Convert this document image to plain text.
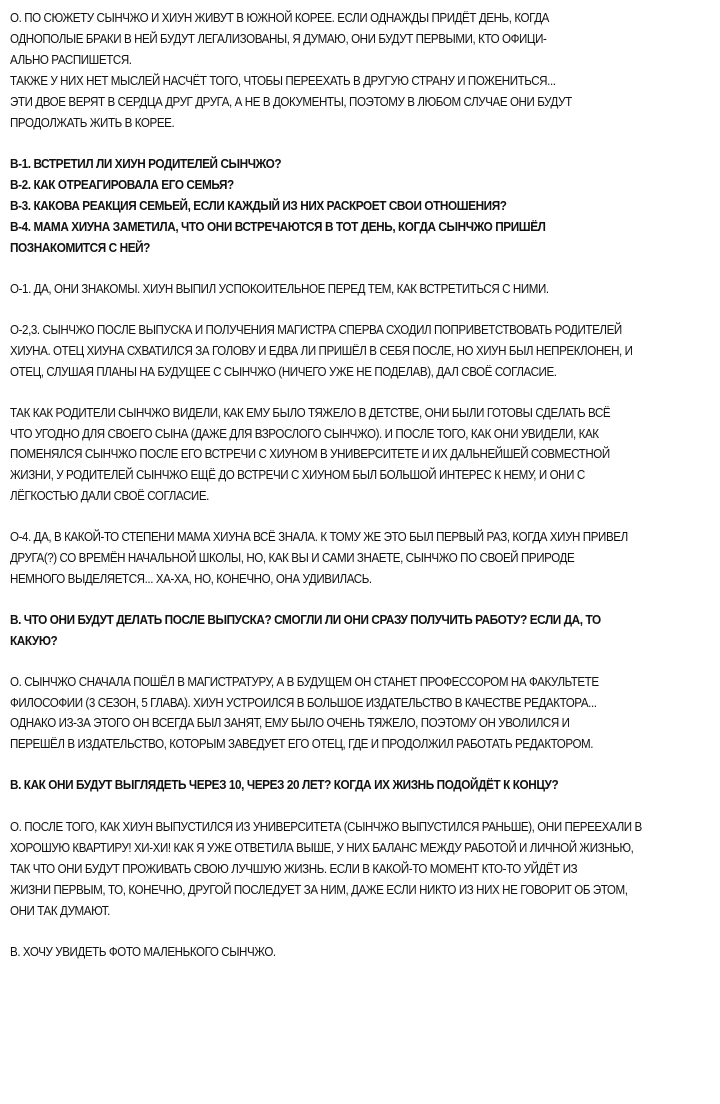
О. ПО СЮЖЕТУ СЫНЧЖО И ХИУН ЖИВУТ В ЮЖНОЙ КОРЕЕ. ЕСЛИ ОДНАЖДЫ ПРИДЁТ ДЕНЬ, КОГДА
ОДНОПОЛЫЕ БРАКИ В НЕЙ БУДУТ ЛЕГАЛИЗОВАНЫ, Я ДУМАЮ, ОНИ БУДУТ ПЕРВЫМИ, КТО ОФИЦИ-
АЛЬНО РАСПИШЕТСЯ.
ТАКЖЕ У НИХ НЕТ МЫСЛЕЙ НАСЧЁТ ТОГО, ЧТОБЫ ПЕРЕЕХАТЬ В ДРУГУЮ СТРАНУ И ПОЖЕНИТЬСЯ...
ЭТИ ДВОЕ ВЕРЯТ В СЕРДЦА ДРУГ ДРУГА, А НЕ В ДОКУМЕНТЫ, ПОЭТОМУ В ЛЮБОМ СЛУЧАЕ ОНИ БУДУТ
ПРОДОЛЖАТЬ ЖИТЬ В КОРЕЕ.
В-1. ВСТРЕТИЛ ЛИ ХИУН РОДИТЕЛЕЙ СЫНЧЖО?
В-2. КАК ОТРЕАГИРОВАЛА ЕГО СЕМЬЯ?
В-3. КАКОВА РЕАКЦИЯ СЕМЬЕЙ, ЕСЛИ КАЖДЫЙ ИЗ НИХ РАСКРОЕТ СВОИ ОТНОШЕНИЯ?
В-4. МАМА ХИУНА ЗАМЕТИЛА, ЧТО ОНИ ВСТРЕЧАЮТСЯ В ТОТ ДЕНЬ, КОГДА СЫНЧЖО ПРИШЁЛ
ПОЗНАКОМИТСЯ С НЕЙ?
О-1. ДА, ОНИ ЗНАКОМЫ. ХИУН ВЫПИЛ УСПОКОИТЕЛЬНОЕ ПЕРЕД ТЕМ, КАК ВСТРЕТИТЬСЯ С НИМИ.
О-2,3. СЫНЧЖО ПОСЛЕ ВЫПУСКА И ПОЛУЧЕНИЯ МАГИСТРА СПЕРВА СХОДИЛ ПОПРИВЕТСТВОВАТЬ РОДИТЕЛЕЙ
ХИУНА. ОТЕЦ ХИУНА СХВАТИЛСЯ ЗА ГОЛОВУ И ЕДВА ЛИ ПРИШЁЛ В СЕБЯ ПОСЛЕ, НО ХИУН БЫЛ НЕПРЕКЛОНЕН, И
ОТЕЦ, СЛУШАЯ ПЛАНЫ НА БУДУЩЕЕ С СЫНЧЖО (НИЧЕГО УЖЕ НЕ ПОДЕЛАВ), ДАЛ СВОЁ СОГЛАСИЕ.
ТАК КАК РОДИТЕЛИ СЫНЧЖО ВИДЕЛИ, КАК ЕМУ БЫЛО ТЯЖЕЛО В ДЕТСТВЕ, ОНИ БЫЛИ ГОТОВЫ СДЕЛАТЬ ВСЁ
ЧТО УГОДНО ДЛЯ СВОЕГО СЫНА (ДАЖЕ ДЛЯ ВЗРОСЛОГО СЫНЧЖО). И ПОСЛЕ ТОГО, КАК ОНИ УВИДЕЛИ, КАК
ПОМЕНЯЛСЯ СЫНЧЖО ПОСЛЕ ЕГО ВСТРЕЧИ С ХИУНОМ В УНИВЕРСИТЕТЕ И ИХ ДАЛЬНЕЙШЕЙ СОВМЕСТНОЙ
ЖИЗНИ, У РОДИТЕЛЕЙ СЫНЧЖО ЕЩЁ ДО ВСТРЕЧИ С ХИУНОМ БЫЛ БОЛЬШОЙ ИНТЕРЕС К НЕМУ, И ОНИ С
ЛЁГКОСТЬЮ ДАЛИ СВОЁ СОГЛАСИЕ.
О-4. ДА, В КАКОЙ-ТО СТЕПЕНИ МАМА ХИУНА ВСЁ ЗНАЛА. К ТОМУ ЖЕ ЭТО БЫЛ ПЕРВЫЙ РАЗ, КОГДА ХИУН ПРИВЕЛ
ДРУГА(?) СО ВРЕМЁН НАЧАЛЬНОЙ ШКОЛЫ, НО, КАК ВЫ И САМИ ЗНАЕТЕ, СЫНЧЖО ПО СВОЕЙ ПРИРОДЕ
НЕМНОГО ВЫДЕЛЯЕТСЯ... ХА-ХА, НО, КОНЕЧНО, ОНА УДИВИЛАСЬ.
В. ЧТО ОНИ БУДУТ ДЕЛАТЬ ПОСЛЕ ВЫПУСКА? СМОГЛИ ЛИ ОНИ СРАЗУ ПОЛУЧИТЬ РАБОТУ? ЕСЛИ ДА, ТО
КАКУЮ?
О. СЫНЧЖО СНАЧАЛА ПОШЁЛ В МАГИСТРАТУРУ, А В БУДУЩЕМ ОН СТАНЕТ ПРОФЕССОРОМ НА ФАКУЛЬТЕТЕ
ФИЛОСОФИИ (3 СЕЗОН, 5 ГЛАВА). ХИУН УСТРОИЛСЯ В БОЛЬШОЕ ИЗДАТЕЛЬСТВО В КАЧЕСТВЕ РЕДАКТОРА...
ОДНАКО ИЗ-ЗА ЭТОГО ОН ВСЕГДА БЫЛ ЗАНЯТ, ЕМУ БЫЛО ОЧЕНЬ ТЯЖЕЛО, ПОЭТОМУ ОН УВОЛИЛСЯ И
ПЕРЕШЁЛ В ИЗДАТЕЛЬСТВО, КОТОРЫМ ЗАВЕДУЕТ ЕГО ОТЕЦ, ГДЕ И ПРОДОЛЖИЛ РАБОТАТЬ РЕДАКТОРОМ.
В. КАК ОНИ БУДУТ ВЫГЛЯДЕТЬ ЧЕРЕЗ 10, ЧЕРЕЗ 20 ЛЕТ? КОГДА ИХ ЖИЗНЬ ПОДОЙДЁТ К КОНЦУ?
О. ПОСЛЕ ТОГО, КАК ХИУН ВЫПУСТИЛСЯ ИЗ УНИВЕРСИТЕТА (СЫНЧЖО ВЫПУСТИЛСЯ РАНЬШЕ), ОНИ ПЕРЕЕХАЛИ В
ХОРОШУЮ КВАРТИРУ! ХИ-ХИ! КАК Я УЖЕ ОТВЕТИЛА ВЫШЕ, У НИХ БАЛАНС МЕЖДУ РАБОТОЙ И ЛИЧНОЙ ЖИЗНЬЮ,
ТАК ЧТО ОНИ БУДУТ ПРОЖИВАТЬ СВОЮ ЛУЧШУЮ ЖИЗНЬ. ЕСЛИ В КАКОЙ-ТО МОМЕНТ КТО-ТО УЙДЁТ ИЗ
ЖИЗНИ ПЕРВЫМ, ТО, КОНЕЧНО, ДРУГОЙ ПОСЛЕДУЕТ ЗА НИМ, ДАЖЕ ЕСЛИ НИКТО ИЗ НИХ НЕ ГОВОРИТ ОБ ЭТОМ,
ОНИ ТАК ДУМАЮТ.
В. ХОЧУ УВИДЕТЬ ФОТО МАЛЕНЬКОГО СЫНЧЖО.
